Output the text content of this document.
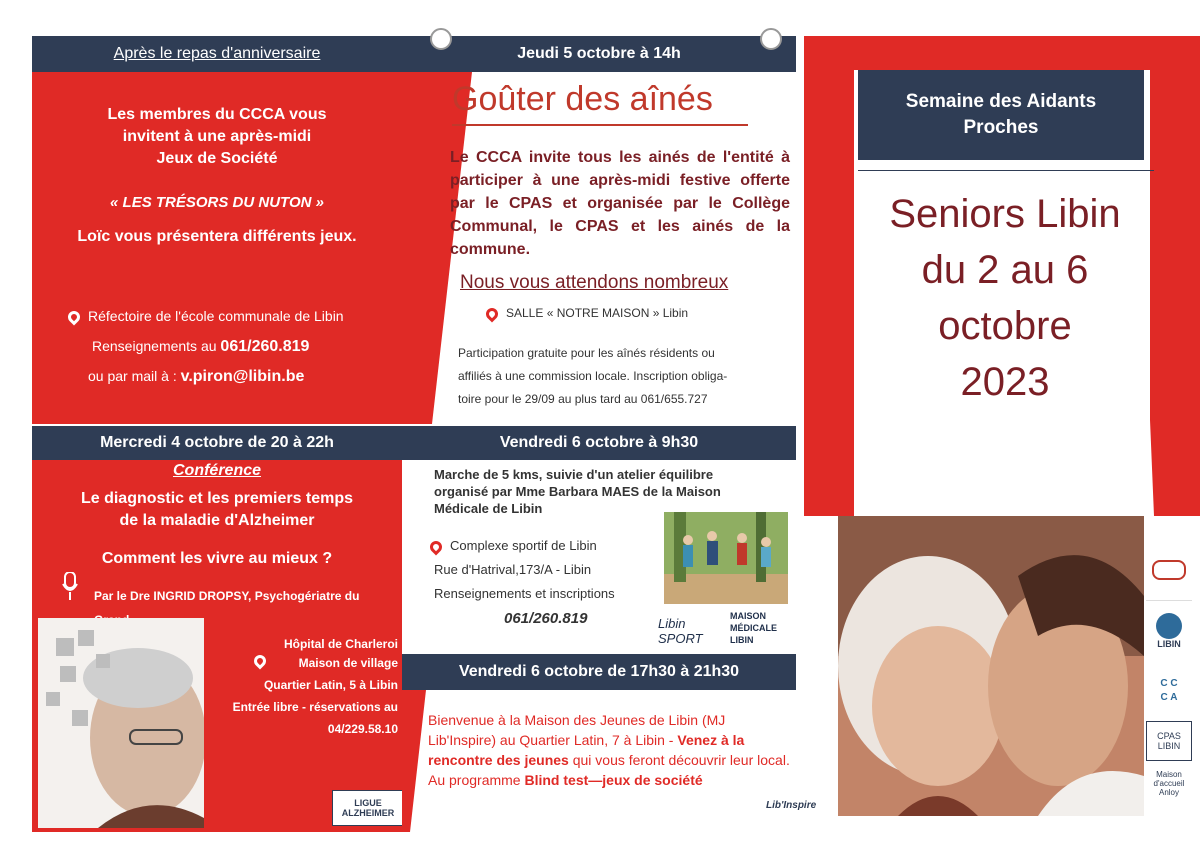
Après le repas d'anniversaire
Les membres du CCCA vous
invitent à une après-midi
Jeux de Société
« LES TRÉSORS DU NUTON »
Loïc vous présentera différents jeux.
Réfectoire de l'école communale de Libin
Renseignements au 061/260.819
ou par mail à : v.piron@libin.be
Jeudi 5 octobre à 14h
Goûter des aînés
Le CCCA invite tous les ainés de l'entité à participer à une après-midi festive offerte par le CPAS et organisée par le Collège Communal, le CPAS et les ainés de la commune.
Nous vous attendons nombreux
SALLE « NOTRE MAISON » Libin
Participation gratuite pour les aînés résidents ou
affiliés à une commission locale. Inscription obliga-
toire pour le 29/09 au plus tard au 061/655.727
Mercredi 4 octobre de 20 à 22h
Conférence
Le diagnostic et les premiers temps
de la maladie d'Alzheimer
Comment les vivre au mieux ?
Par le Dre INGRID DROPSY, Psychogériatre du
Hôpital de Charleroi
Maison de village
Quartier Latin, 5 à Libin
Entrée libre - réservations au
04/229.58.10
LIGUE ALZHEIMER
Vendredi 6 octobre à 9h30
Marche de 5 kms, suivie d'un atelier équilibre
organisé par Mme Barbara MAES de la Maison
Médicale de Libin
Complexe sportif de Libin
Rue d'Hatrival,173/A - Libin
Renseignements et inscriptions
061/260.819	Libin SPORT
MAISON MÉDICALE LIBIN
Vendredi 6 octobre de 17h30 à 21h30
Bienvenue à la Maison des Jeunes de Libin (MJ Lib'Inspire) au Quartier Latin, 7 à Libin - Venez à la rencontre des jeunes qui vous feront découvrir leur local. Au programme Blind test—jeux de société
Lib'Inspire
Semaine des Aidants Proches
Seniors Libin
du 2 au 6
octobre
2023
LIBIN
C C
C A
CPAS LIBIN
Maison d'accueil Anloy
